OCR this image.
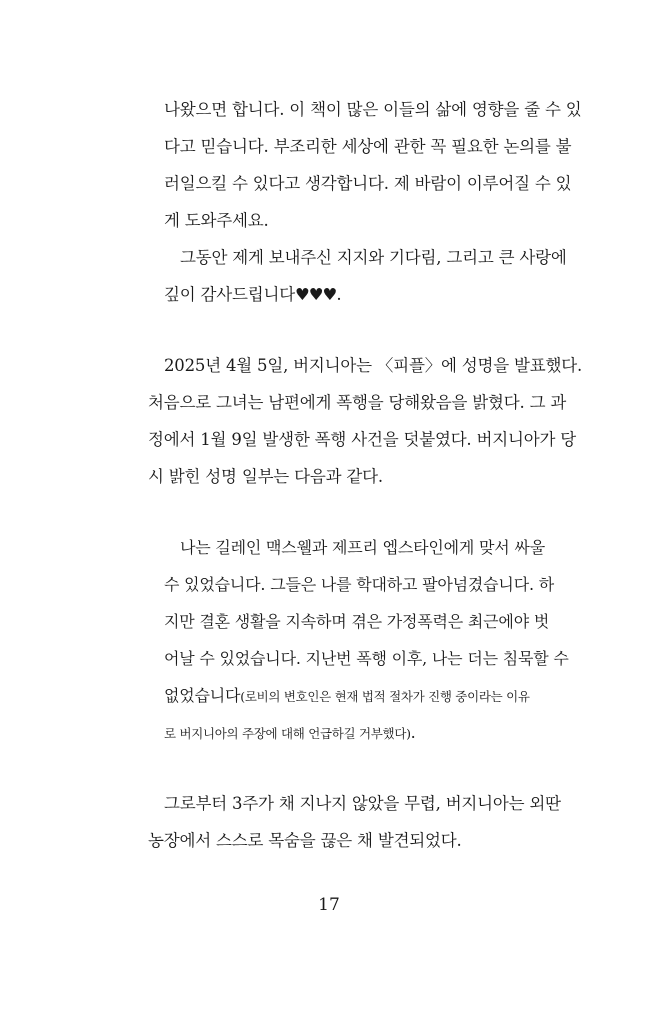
나왔으면 합니다. 이 책이 많은 이들의 삶에 영향을 줄 수 있
다고 믿습니다. 부조리한 세상에 관한 꼭 필요한 논의를 불
러일으킬 수 있다고 생각합니다. 제 바람이 이루어질 수 있
게 도와주세요.
그동안 제게 보내주신 지지와 기다림, 그리고 큰 사랑에
깊이 감사드립니다♥♥♥.
2025년 4월 5일, 버지니아는 〈피플〉에 성명을 발표했다.
처음으로 그녀는 남편에게 폭행을 당해왔음을 밝혔다. 그 과
정에서 1월 9일 발생한 폭행 사건을 덧붙였다. 버지니아가 당
시 밝힌 성명 일부는 다음과 같다.
나는 길레인 맥스웰과 제프리 엡스타인에게 맞서 싸울
수 있었습니다. 그들은 나를 학대하고 팔아넘겼습니다. 하
지만 결혼 생활을 지속하며 겪은 가정폭력은 최근에야 벗
어날 수 있었습니다. 지난번 폭행 이후, 나는 더는 침묵할 수
없었습니다(로비의 변호인은 현재 법적 절차가 진행 중이라는 이유
로 버지니아의 주장에 대해 언급하길 거부했다).
그로부터 3주가 채 지나지 않았을 무렵, 버지니아는 외딴
농장에서 스스로 목숨을 끊은 채 발견되었다.
17
